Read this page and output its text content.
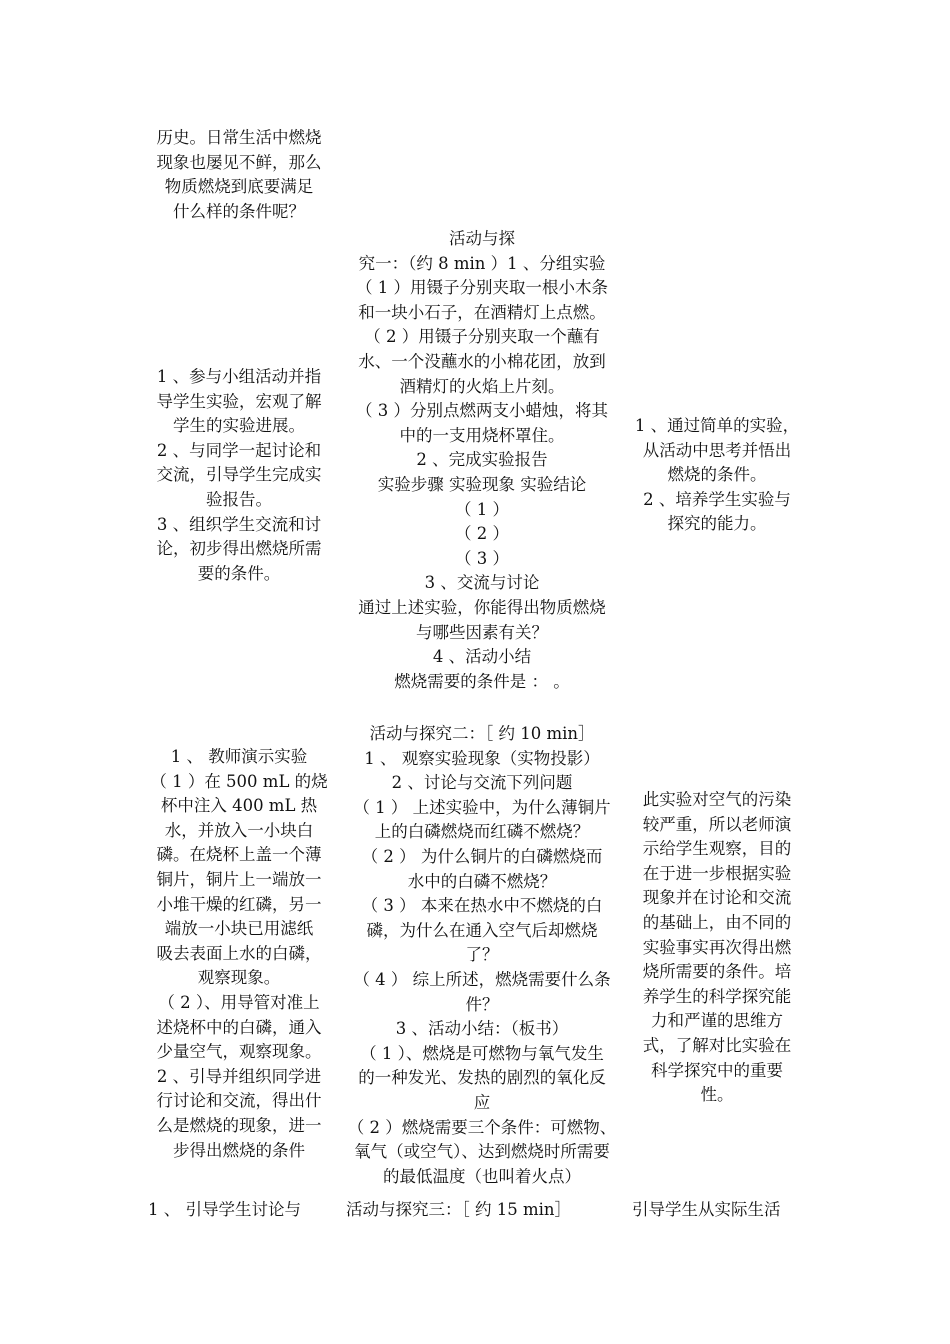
历史。日常生活中燃烧
现象也屡见不鲜，那么
物质燃烧到底要满足
什么样的条件呢？
活动与探
究一：（约 8 min ）1 、分组实验
（ 1 ）用镊子分别夹取一根小木条
和一块小石子，在酒精灯上点燃。
（ 2 ）用镊子分别夹取一个蘸有
水、一个没蘸水的小棉花团，放到
酒精灯的火焰上片刻。
（ 3 ）分别点燃两支小蜡烛，将其
中的一支用烧杯罩住。
2 、完成实验报告
实验步骤 实验现象 实验结论
（ 1 ）
（ 2 ）
（ 3 ）
3 、交流与讨论
通过上述实验，你能得出物质燃烧
与哪些因素有关？
4 、活动小结
燃烧需要的条件是 ： 。
1 、参与小组活动并指
导学生实验，宏观了解
学生的实验进展。
2 、与同学一起讨论和
交流，引导学生完成实
验报告。
3 、组织学生交流和讨
论，初步得出燃烧所需
要的条件。
1 、通过简单的实验，
从活动中思考并悟出
燃烧的条件。
2 、培养学生实验与
探究的能力。
活动与探究二：［ 约 10 min］
1 、 观察实验现象（实物投影）
2 、讨论与交流下列问题
（ 1 ） 上述实验中，为什么薄铜片
上的白磷燃烧而红磷不燃烧？
（ 2 ） 为什么铜片的白磷燃烧而
水中的白磷不燃烧？
（ 3 ） 本来在热水中不燃烧的白
磷，为什么在通入空气后却燃烧
了？
（ 4 ） 综上所述，燃烧需要什么条
件？
3 、活动小结：（板书）
（ 1 ）、燃烧是可燃物与氧气发生
的一种发光、发热的剧烈的氧化反
应
（ 2 ）燃烧需要三个条件：可燃物、
氧气（或空气）、达到燃烧时所需要
的最低温度（也叫着火点）
1 、 教师演示实验
（ 1 ）在 500 mL 的烧
杯中注入 400 mL 热
水，并放入一小块白
磷。在烧杯上盖一个薄
铜片，铜片上一端放一
小堆干燥的红磷，另一
端放一小块已用滤纸
吸去表面上水的白磷，
观察现象。
（ 2 ）、用导管对准上
述烧杯中的白磷，通入
少量空气，观察现象。
2 、引导并组织同学进
行讨论和交流，得出什
么是燃烧的现象，进一
步得出燃烧的条件
此实验对空气的污染
较严重，所以老师演
示给学生观察，目的
在于进一步根据实验
现象并在讨论和交流
的基础上，由不同的
实验事实再次得出燃
烧所需要的条件。培
养学生的科学探究能
力和严谨的思维方
式，了解对比实验在
科学探究中的重要
性。
1 、 引导学生讨论与	活动与探究三：［ 约 15 min］	引导学生从实际生活
